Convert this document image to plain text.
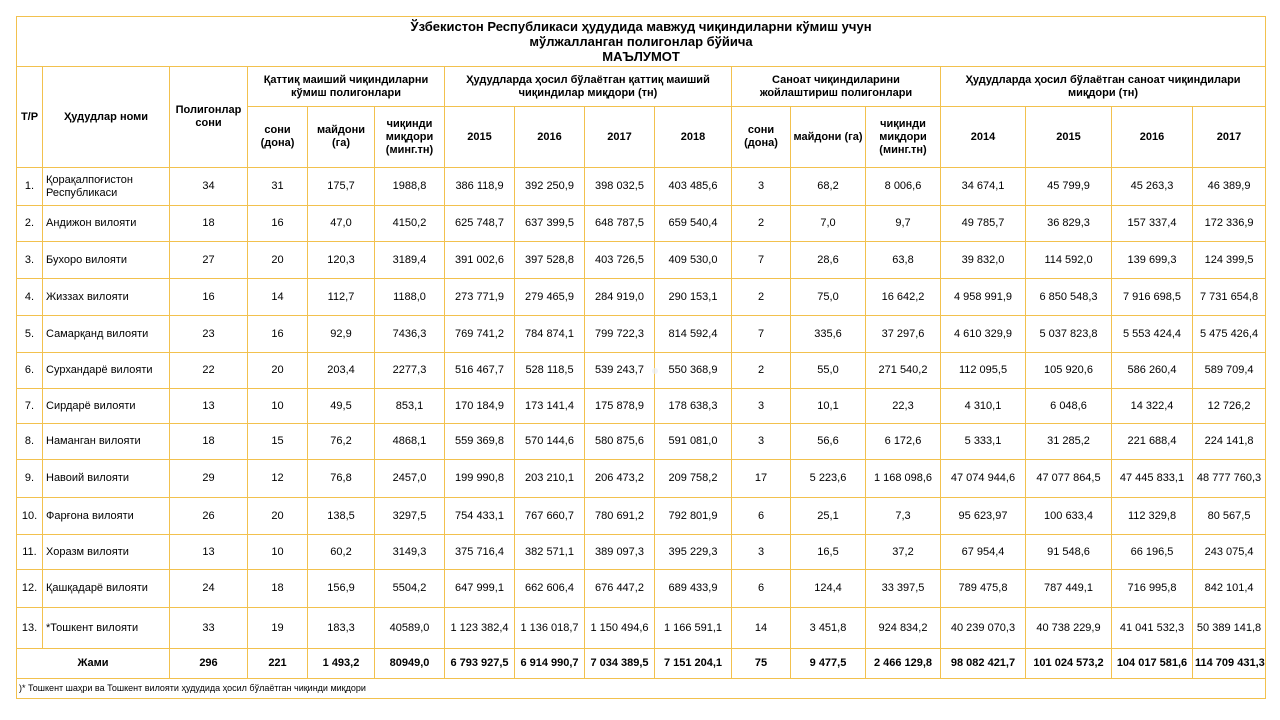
Ўзбекистон Республикаси ҳудудида мавжуд чиқиндиларни кўмиш учун
мўлжалланган полигонлар бўйича
МАЪЛУМОТ																

Т/Р	Ҳудудлар номи	Полигонлар сони	Қаттиқ маиший чиқиндиларни кўмиш полигонлари			Ҳудудларда ҳосил бўлаётган қаттиқ маиший чиқиндилар миқдори (тн)				Саноат чиқиндиларини жойлаштириш полигонлари			Ҳудудларда ҳосил бўлаётган саноат чиқиндилари миқдори (тн)			
			сони (дона)	майдони (га)	чиқинди миқдори (минг.тн)	2015	2016	2017	2018	сони (дона)	майдони (га)	чиқинди миқдори (минг.тн)	2014	2015	2016	2017
1.	Қорақалпоғистон Республикаси	34	31	175,7	1988,8	386 118,9	392 250,9	398 032,5	403 485,6	3	68,2	8 006,6	34 674,1	45 799,9	45 263,3	46 389,9
2.	Андижон вилояти	18	16	47,0	4150,2	625 748,7	637 399,5	648 787,5	659 540,4	2	7,0	9,7	49 785,7	36 829,3	157 337,4	172 336,9
3.	Бухоро вилояти	27	20	120,3	3189,4	391 002,6	397 528,8	403 726,5	409 530,0	7	28,6	63,8	39 832,0	114 592,0	139 699,3	124 399,5
4.	Жиззах вилояти	16	14	112,7	1188,0	273 771,9	279 465,9	284 919,0	290 153,1	2	75,0	16 642,2	4 958 991,9	6 850 548,3	7 916 698,5	7 731 654,8
5.	Самарқанд вилояти	23	16	92,9	7436,3	769 741,2	784 874,1	799 722,3	814 592,4	7	335,6	37 297,6	4 610 329,9	5 037 823,8	5 553 424,4	5 475 426,4
6.	Сурхандарё вилояти	22	20	203,4	2277,3	516 467,7	528 118,5	539 243,7	550 368,9	2	55,0	271 540,2	112 095,5	105 920,6	586 260,4	589 709,4
7.	Сирдарё вилояти	13	10	49,5	853,1	170 184,9	173 141,4	175 878,9	178 638,3	3	10,1	22,3	4 310,1	6 048,6	14 322,4	12 726,2
8.	Наманган вилояти	18	15	76,2	4868,1	559 369,8	570 144,6	580 875,6	591 081,0	3	56,6	6 172,6	5 333,1	31 285,2	221 688,4	224 141,8
9.	Навоий вилояти	29	12	76,8	2457,0	199 990,8	203 210,1	206 473,2	209 758,2	17	5 223,6	1 168 098,6	47 074 944,6	47 077 864,5	47 445 833,1	48 777 760,3
10.	Фарғона вилояти	26	20	138,5	3297,5	754 433,1	767 660,7	780 691,2	792 801,9	6	25,1	7,3	95 623,97	100 633,4	112 329,8	80 567,5
11.	Хоразм вилояти	13	10	60,2	3149,3	375 716,4	382 571,1	389 097,3	395 229,3	3	16,5	37,2	67 954,4	91 548,6	66 196,5	243 075,4
12.	Қашқадарё вилояти	24	18	156,9	5504,2	647 999,1	662 606,4	676 447,2	689 433,9	6	124,4	33 397,5	789 475,8	787 449,1	716 995,8	842 101,4
13.	*Тошкент вилояти	33	19	183,3	40589,0	1 123 382,4	1 136 018,7	1 150 494,6	1 166 591,1	14	3 451,8	924 834,2	40 239 070,3	40 738 229,9	41 041 532,3	50 389 141,8
Жами		296	221	1 493,2	80949,0	6 793 927,5	6 914 990,7	7 034 389,5	7 151 204,1	75	9 477,5	2 466 129,8	98 082 421,7	101 024 573,2	104 017 581,6	114 709 431,3
)* Тошкент шаҳри ва Тошкент вилояти ҳудудида ҳосил бўлаётган чиқинди миқдори																
